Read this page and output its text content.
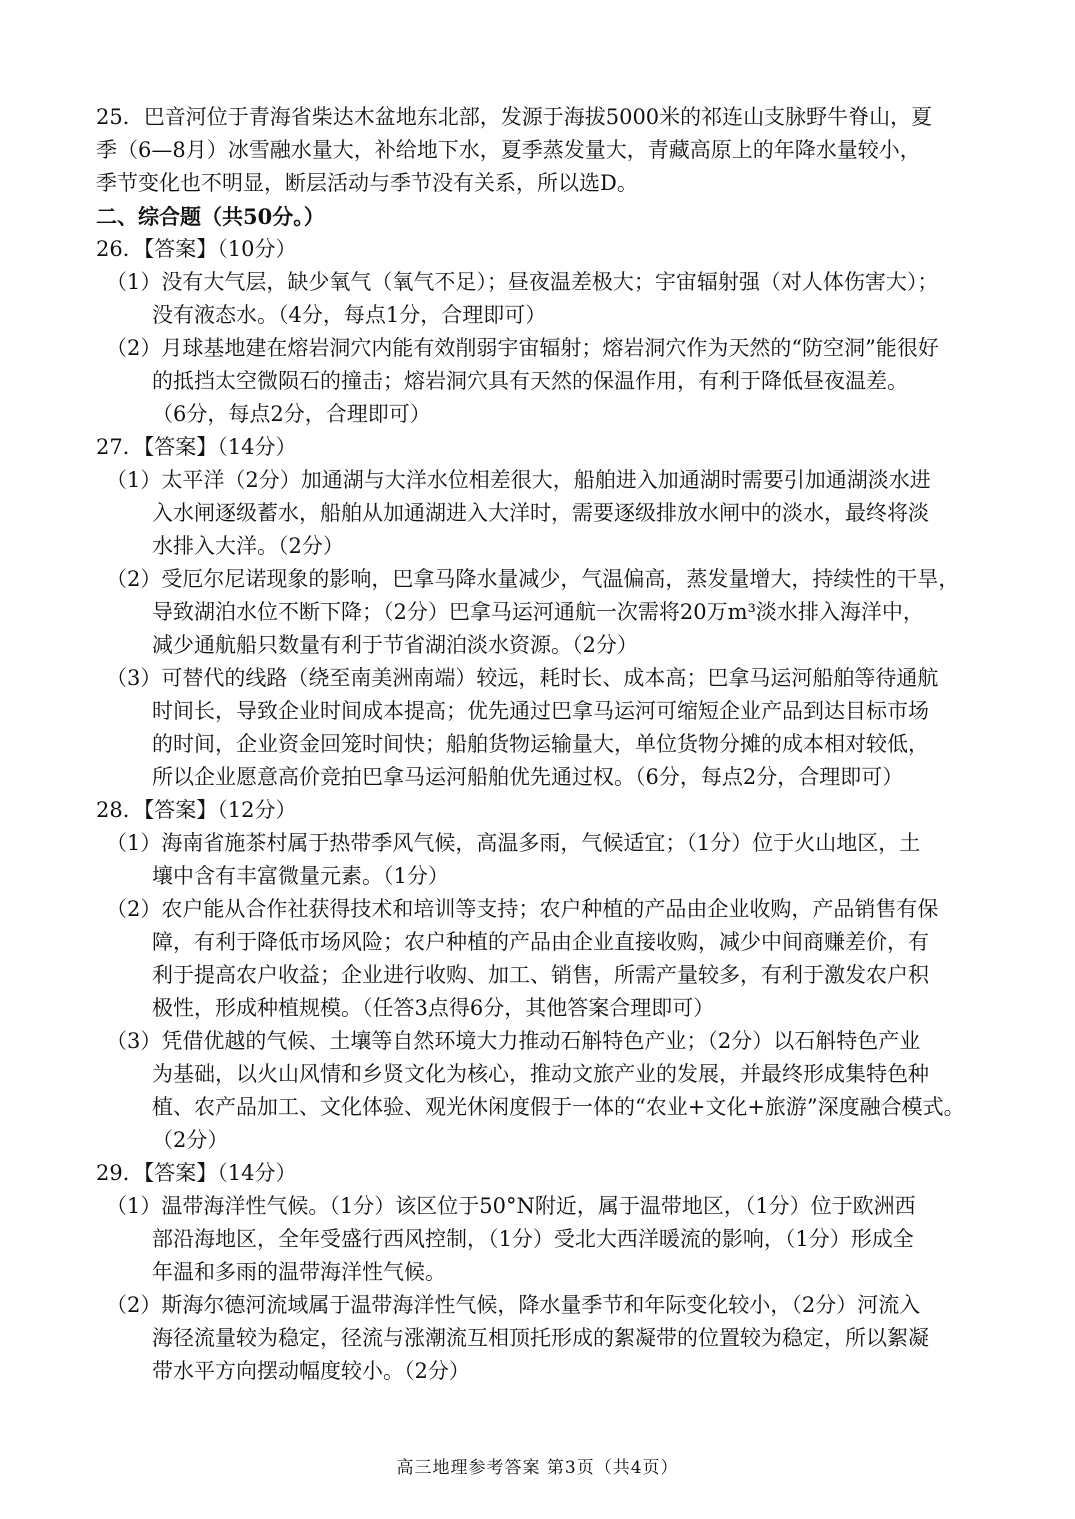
25．巴音河位于青海省柴达木盆地东北部，发源于海拔5000米的祁连山支脉野牛脊山，夏
季（6—8月）冰雪融水量大，补给地下水，夏季蒸发量大，青藏高原上的年降水量较小，
季节变化也不明显，断层活动与季节没有关系，所以选D。
二、综合题（共50分。）
26．【答案】（10分）
（1）没有大气层，缺少氧气（氧气不足）；昼夜温差极大；宇宙辐射强（对人体伤害大）；
没有液态水。（4分，每点1分，合理即可）
（2）月球基地建在熔岩洞穴内能有效削弱宇宙辐射；熔岩洞穴作为天然的“防空洞”能很好
的抵挡太空微陨石的撞击；熔岩洞穴具有天然的保温作用，有利于降低昼夜温差。
（6分，每点2分，合理即可）
27．【答案】（14分）
（1）太平洋（2分）加通湖与大洋水位相差很大，船舶进入加通湖时需要引加通湖淡水进
入水闸逐级蓄水，船舶从加通湖进入大洋时，需要逐级排放水闸中的淡水，最终将淡
水排入大洋。（2分）
（2）受厄尔尼诺现象的影响，巴拿马降水量减少，气温偏高，蒸发量增大，持续性的干旱，
导致湖泊水位不断下降；（2分）巴拿马运河通航一次需将20万m³淡水排入海洋中，
减少通航船只数量有利于节省湖泊淡水资源。（2分）
（3）可替代的线路（绕至南美洲南端）较远，耗时长、成本高；巴拿马运河船舶等待通航
时间长，导致企业时间成本提高；优先通过巴拿马运河可缩短企业产品到达目标市场
的时间，企业资金回笼时间快；船舶货物运输量大，单位货物分摊的成本相对较低，
所以企业愿意高价竞拍巴拿马运河船舶优先通过权。（6分，每点2分，合理即可）
28．【答案】（12分）
（1）海南省施茶村属于热带季风气候，高温多雨，气候适宜；（1分）位于火山地区，土
壤中含有丰富微量元素。（1分）
（2）农户能从合作社获得技术和培训等支持；农户种植的产品由企业收购，产品销售有保
障，有利于降低市场风险；农户种植的产品由企业直接收购，减少中间商赚差价，有
利于提高农户收益；企业进行收购、加工、销售，所需产量较多，有利于激发农户积
极性，形成种植规模。（任答3点得6分，其他答案合理即可）
（3）凭借优越的气候、土壤等自然环境大力推动石斛特色产业；（2分）以石斛特色产业
为基础，以火山风情和乡贤文化为核心，推动文旅产业的发展，并最终形成集特色种
植、农产品加工、文化体验、观光休闲度假于一体的“农业+文化+旅游”深度融合模式。
（2分）
29．【答案】（14分）
（1）温带海洋性气候。（1分）该区位于50°N附近，属于温带地区，（1分）位于欧洲西
部沿海地区，全年受盛行西风控制，（1分）受北大西洋暖流的影响，（1分）形成全
年温和多雨的温带海洋性气候。
（2）斯海尔德河流域属于温带海洋性气候，降水量季节和年际变化较小，（2分）河流入
海径流量较为稳定，径流与涨潮流互相顶托形成的絮凝带的位置较为稳定，所以絮凝
带水平方向摆动幅度较小。（2分）
高三地理参考答案 第3页（共4页）
